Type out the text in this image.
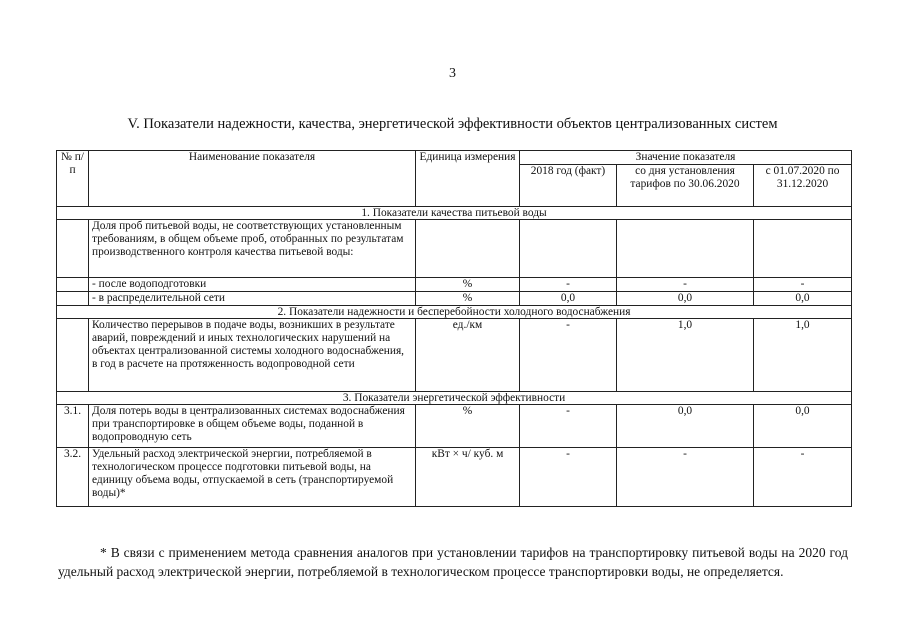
3
V. Показатели надежности, качества, энергетической эффективности объектов централизованных систем
№ п/п	Наименование показателя	Единица измерения	Значение показателя		
			2018 год (факт)	со дня установления тарифов по 30.06.2020	с 01.07.2020 по 31.12.2020
1. Показатели качества питьевой воды					
	Доля проб питьевой воды, не соответствующих установленным требованиям, в общем объеме проб, отобранных по результатам производственного контроля качества питьевой воды:				
	- после водоподготовки	%	-	-	-
	- в распределительной сети	%	0,0	0,0	0,0
2. Показатели надежности и бесперебойности холодного водоснабжения					
	Количество перерывов в подаче воды, возникших в результате аварий, повреждений и иных технологических нарушений на объектах централизованной системы холодного водоснабжения, в год в расчете на протяженность водопроводной сети	ед./км	-	1,0	1,0
3. Показатели энергетической эффективности					
3.1.	Доля потерь воды в централизованных системах водоснабжения при транспортировке в общем объеме воды, поданной в водопроводную сеть	%	-	0,0	0,0
3.2.	Удельный расход электрической энергии, потребляемой в технологическом процессе подготовки питьевой воды, на единицу объема воды, отпускаемой в сеть (транспортируемой воды)*	кВт × ч/ куб. м	-	-	-
* В связи с применением метода сравнения аналогов при установлении тарифов на транспортировку питьевой воды на 2020 год удельный расход электрической энергии, потребляемой в технологическом процессе транспортировки воды, не определяется.
